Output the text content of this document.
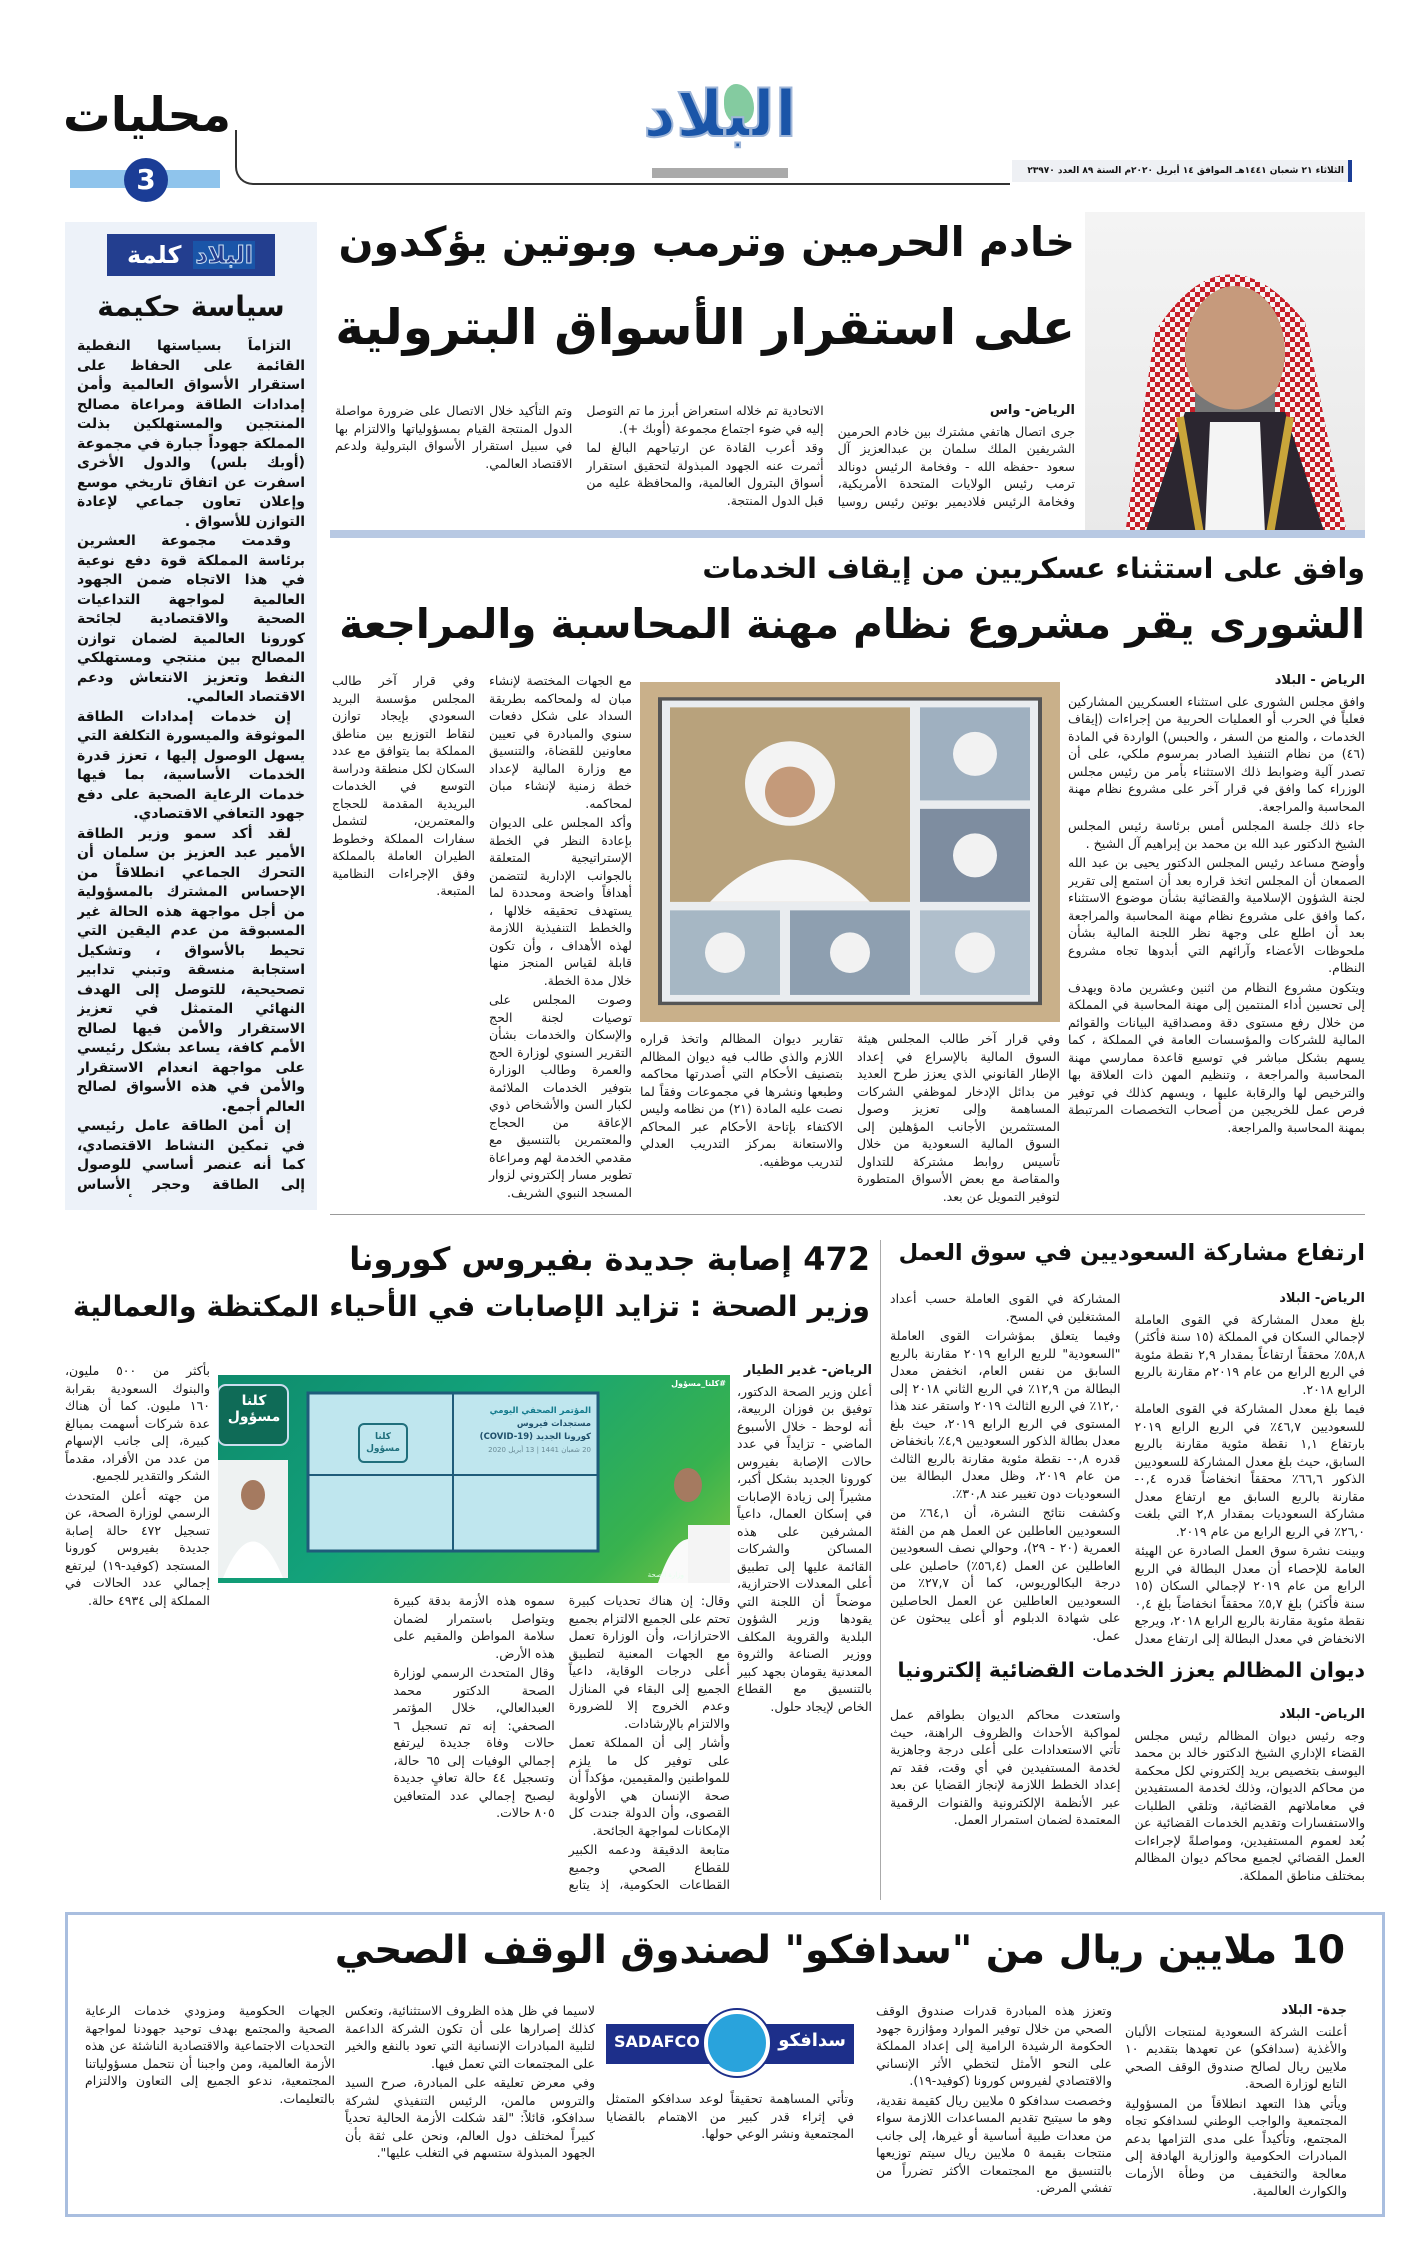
محليات
3
البلاد
الثلاثاء ٢١ شعبان ١٤٤١هـ الموافق ١٤ أبريل ٢٠٢٠م السنة ٨٩ العدد ٢٣٩٧٠
البلاد
كلمة
سياسة حكيمة

التزاماً بسياستها النفطية القائمة على الحفاظ على استقرار الأسواق العالمية وأمن إمدادات الطاقة ومراعاة مصالح المنتجين والمستهلكين بذلت المملكة جهوداً جبارة في مجموعة (أوبك بلس) والدول الأخرى اسفرت عن اتفاق تاريخي موسع وإعلان تعاون جماعي لإعادة التوازن للأسواق .

وقدمت مجموعة العشرين برئاسة المملكة قوة دفع نوعية في هذا الاتجاه ضمن الجهود العالمية لمواجهة التداعيات الصحية والاقتصادية لجائحة كورونا العالمية لضمان توازن المصالح بين منتجي ومستهلكي النفط وتعزيز الانتعاش ودعم الاقتصاد العالمي.

إن خدمات إمدادات الطاقة الموثوقة والميسورة التكلفة التي يسهل الوصول إليها ، تعزز قدرة الخدمات الأساسية، بما فيها خدمات الرعاية الصحية على دفع جهود التعافي الاقتصادي.

لقد أكد سمو وزير الطاقة الأمير عبد العزيز بن سلمان أن التحرك الجماعي انطلاقاً من الإحساس المشترك بالمسؤولية من أجل مواجهة هذه الحالة غير المسبوقة من عدم اليقين التي تحيط بالأسواق ، وتشكيل استجابة منسقة وتبني تدابير تصحيحية، للتوصل إلى الهدف النهائي المتمثل في تعزيز الاستقرار والأمن فيها لصالح الأمم كافة، يساعد بشكل رئيسي على مواجهة انعدام الاستقرار والأمن في هذه الأسواق لصالح العالم أجمع.

إن أمن الطاقة عامل رئيسي في تمكين النشاط الاقتصادي، كما أنه عنصر أساسي للوصول إلى الطاقة وحجر الأساس

خادم الحرمين وترمب وبوتين يؤكدون
على استقرار الأسواق البترولية
الرياض- واس

جرى اتصال هاتفي مشترك بين خادم الحرمين الشريفين الملك سلمان بن عبدالعزيز آل سعود -حفظه الله - وفخامة الرئيس دونالد ترمب رئيس الولايات المتحدة الأمريكية، وفخامة الرئيس فلاديمير بوتين رئيس روسيا الاتحادية تم خلاله استعراض أبرز ما تم التوصل إليه في ضوء اجتماع مجموعة (أوبك +).

وقد أعرب القادة عن ارتياحهم البالغ لما أثمرت عنه الجهود المبذولة لتحقيق استقرار أسواق البترول العالمية، والمحافظة عليه من قبل الدول المنتجة.

وتم التأكيد خلال الاتصال على ضرورة مواصلة الدول المنتجة القيام بمسؤولياتها والالتزام بها في سبيل استقرار الأسواق البترولية ولدعم الاقتصاد العالمي.

وافق على استثناء عسكريين من إيقاف الخدمات
الشورى يقر مشروع نظام مهنة المحاسبة والمراجعة
الرياض - البلاد

وافق مجلس الشورى على استثناء العسكريين المشاركين فعلياً في الحرب أو العمليات الحربية من إجراءات (إيقاف الخدمات ، والمنع من السفر ، والحبس) الواردة في المادة (٤٦) من نظام التنفيذ الصادر بمرسوم ملكي، على أن تصدر آلية وضوابط ذلك الاستثناء بأمر من رئيس مجلس الوزراء كما وافق في قرار آخر على مشروع نظام مهنة المحاسبة والمراجعة.

جاء ذلك جلسة المجلس أمس برئاسة رئيس المجلس الشيخ الدكتور عبد الله بن محمد بن إبراهيم آل الشيخ .

وأوضح مساعد رئيس المجلس الدكتور يحيى بن عبد الله الصمعان أن المجلس اتخذ قراره بعد أن استمع إلى تقرير لجنة الشؤون الإسلامية والقضائية بشأن موضوع الاستثناء ،كما وافق على مشروع نظام مهنة المحاسبة والمراجعة بعد أن اطلع على وجهة نظر اللجنة المالية بشأن ملحوظات الأعضاء وآرائهم التي أبدوها تجاه مشروع النظام.

ويتكون مشروع النظام من اثنين وعشرين مادة ويهدف إلى تحسين أداء المنتمين إلى مهنة المحاسبة في المملكة من خلال رفع مستوى دقة ومصداقية البيانات والقوائم المالية للشركات والمؤسسات العامة في المملكة ، كما يسهم بشكل مباشر في توسيع قاعدة ممارسي مهنة المحاسبة والمراجعة ، وتنظيم المهن ذات العلاقة بها والترخيص لها والرقابة عليها ، ويسهم كذلك في توفير فرص عمل للخريجين من أصحاب التخصصات المرتبطة بمهنة المحاسبة والمراجعة.

وفي قرار آخر طالب المجلس هيئة السوق المالية بالإسراع في إعداد الإطار القانوني الذي يعزز طرح العديد من بدائل الإدخار لموظفي الشركات المساهمة وإلى تعزيز وصول المستثمرين الأجانب المؤهلين إلى السوق المالية السعودية من خلال تأسيس روابط مشتركة للتداول والمقاصة مع بعض الأسواق المتطورة لتوفير التمويل عن بعد.

تقارير ديوان المظالم واتخذ قراره اللازم والذي طالب فيه ديوان المظالم بتصنيف الأحكام التي أصدرتها محاكمه وطبعها ونشرها في مجموعات وفقاً لما نصت عليه المادة (٢١) من نظامه وليس الاكتفاء بإتاحة الأحكام عبر المحاكم والاستعانة بمركز التدريب العدلي لتدريب موظفيه.

مع الجهات المختصة لإنشاء مبان له ولمحاكمه بطريقة السداد على شكل دفعات سنوي والمبادرة في تعيين معاونين للقضاة، والتنسيق مع وزارة المالية لإعداد خطة زمنية لإنشاء مبان لمحاكمه.

وأكد المجلس على الديوان بإعادة النظر في الخطة الإستراتيجية المتعلقة بالجوانب الإدارية لتتضمن أهدافاً واضحة ومحددة لما يستهدف تحقيقه خلالها ، والخطط التنفيذية اللازمة لهذه الأهداف ، وأن تكون قابلة لقياس المنجز منها خلال مدة الخطة.

وصوت المجلس على توصيات لجنة الحج والإسكان والخدمات بشأن التقرير السنوي لوزارة الحج والعمرة وطالب الوزارة بتوفير الخدمات الملائمة لكبار السن والأشخاص ذوي الإعاقة من الحجاج والمعتمرين بالتنسيق مع مقدمي الخدمة لهم ومراعاة تطوير مسار إلكتروني لزوار المسجد النبوي الشريف.

وفي قرار آخر طالب المجلس مؤسسة البريد السعودي بإيجاد توازن لنقاط التوزيع بين مناطق المملكة بما يتوافق مع عدد السكان لكل منطقة ودراسة التوسع في الخدمات البريدية المقدمة للحجاج والمعتمرين، لتشمل سفارات المملكة وخطوط الطيران العاملة بالمملكة وفق الإجراءات النظامية المتبعة.

472 إصابة جديدة بفيروس كورونا
وزير الصحة : تزايد الإصابات في الأحياء المكتظة والعمالية
الرياض- غدير الطيار

أعلن وزير الصحة الدكتور، توفيق بن فوزان الربيعة، أنه لوحظ - خلال الأسبوع الماضي - تزايداً في عدد حالات الإصابة بفيروس كورونا الجديد بشكل أكبر، مشيراً إلى زيادة الإصابات في إسكان العمال، داعياً المشرفين على هذه المساكن والشركات القائمة عليها إلى تطبيق أعلى المعدلات الاحترازية، موضحاً أن اللجنة التي يقودها وزير الشؤون البلدية والقروية المكلف ووزير الصناعة والثروة المعدنية يقومان بجهد كبير بالتنسيق مع القطاع الخاص لإيجاد حلول.

كلنا
مسؤول	المؤتمر الصحفي اليومي
مستجدات فيروس
كورونا الجديد (COVID-19)
20 شعبان 1441 | 13 أبريل 2020
كلنا
مسؤول
#كلنا_مسؤول
وزارة الصحة

وقال: إن هناك تحديات كبيرة تحتم على الجميع الالتزام بجميع الاحترازات، وأن الوزارة تعمل مع الجهات المعنية لتطبيق أعلى درجات الوقاية، داعياً الجميع إلى البقاء في المنازل وعدم الخروج إلا للضرورة والالتزام بالإرشادات.

وأشار إلى أن المملكة تعمل على توفير كل ما يلزم للمواطنين والمقيمين، مؤكداً أن صحة الإنسان هي الأولوية القصوى، وأن الدولة جندت كل الإمكانات لمواجهة الجائحة.

متابعة الدقيقة ودعمه الكبير للقطاع الصحي وجميع القطاعات الحكومية، إذ يتابع سموه هذه الأزمة بدقة كبيرة ويتواصل باستمرار لضمان سلامة المواطن والمقيم على هذه الأرض.

وقال المتحدث الرسمي لوزارة الصحة الدكتور محمد العبدالعالي، خلال المؤتمر الصحفي: إنه تم تسجيل ٦ حالات وفاة جديدة ليرتفع إجمالي الوفيات إلى ٦٥ حالة، وتسجيل ٤٤ حالة تعافٍ جديدة ليصبح إجمالي عدد المتعافين ٨٠٥ حالات.

بأكثر من ٥٠٠ مليون، والبنوك السعودية بقرابة ١٦٠ مليون. كما أن هناك عدة شركات أسهمت بمبالغ كبيرة، إلى جانب الإسهام من عدد من الأفراد، مقدماً الشكر والتقدير للجميع.

من جهته أعلن المتحدث الرسمي لوزارة الصحة، عن تسجيل ٤٧٢ حالة إصابة جديدة بفيروس كورونا المستجد (كوفيد-١٩) ليرتفع إجمالي عدد الحالات في المملكة إلى ٤٩٣٤ حالة.

ارتفاع مشاركة السعوديين في سوق العمل
الرياض- البلاد

بلغ معدل المشاركة في القوى العاملة لإجمالي السكان في المملكة (١٥ سنة فأكثر) ٥٨,٨٪ محققاً ارتفاعاً بمقدار ٢,٩ نقطة مئوية في الربع الرابع من عام ٢٠١٩م مقارنة بالربع الرابع ٢٠١٨.

فيما بلغ معدل المشاركة في القوى العاملة للسعوديين ٤٦,٧٪ في الربع الرابع ٢٠١٩ بارتفاع ١,١ نقطة مئوية مقارنة بالربع السابق، حيث بلغ معدل المشاركة للسعوديين الذكور ٦٦,٦٪ محققاً انخفاضاً قدره ٠,٤- مقارنة بالربع السابق مع ارتفاع معدل مشاركة السعوديات بمقدار ٢,٨ التي بلغت ٢٦,٠٪ في الربع الرابع من عام ٢٠١٩.

وبينت نشرة سوق العمل الصادرة عن الهيئة العامة للإحصاء أن معدل البطالة في الربع الرابع من عام ٢٠١٩ لإجمالي السكان (١٥ سنة فأكثر) بلغ ٥,٧٪ محققاً انخفاضاً بلغ ٠,٤ نقطة مئوية مقارنة بالربع الرابع ٢٠١٨، ويرجع الانخفاض في معدل البطالة إلى ارتفاع معدل المشاركة في القوى العاملة حسب أعداد المشتغلين في المسح.

وفيما يتعلق بمؤشرات القوى العاملة "السعودية" للربع الرابع ٢٠١٩ مقارنة بالربع السابق من نفس العام، انخفض معدل البطالة من ١٢,٩٪ في الربع الثاني ٢٠١٨ إلى ١٢,٠٪ في الربع الثالث ٢٠١٩ واستقر عند هذا المستوى في الربع الرابع ٢٠١٩، حيث بلغ معدل بطالة الذكور السعوديين ٤,٩٪ بانخفاض قدره ٠,٨- نقطة مئوية مقارنة بالربع الثالث من عام ٢٠١٩، وظل معدل البطالة بين السعوديات دون تغيير عند ٣٠,٨٪.

وكشفت نتائج النشرة، أن ٦٤,١٪ من السعوديين العاطلين عن العمل هم من الفئة العمرية (٢٠ - ٢٩)، وحوالي نصف السعوديين العاطلين عن العمل (٥٦,٤٪) حاصلين على درجة البكالوريوس، كما أن ٢٧,٧٪ من السعوديين العاطلين عن العمل الحاصلين على شهادة الدبلوم أو أعلى يبحثون عن عمل.

ديوان المظالم يعزز الخدمات القضائية إلكترونيا
الرياض- البلاد

وجه رئيس ديوان المظالم رئيس مجلس القضاء الإداري الشيخ الدكتور خالد بن محمد اليوسف بتخصيص بريد إلكتروني لكل محكمة من محاكم الديوان، وذلك لخدمة المستفيدين في معاملاتهم القضائية، وتلقي الطلبات والاستفسارات وتقديم الخدمات القضائية عن بُعد لعموم المستفيدين، ومواصلةً لإجراءات العمل القضائي لجميع محاكم ديوان المظالم بمختلف مناطق المملكة.

واستعدت محاكم الديوان بطواقم عمل لمواكبة الأحداث والظروف الراهنة، حيث تأتي الاستعدادات على أعلى درجة وجاهزية لخدمة المستفيدين في أي وقت، فقد تم إعداد الخطط اللازمة لإنجاز القضايا عن بعد عبر الأنظمة الإلكترونية والقنوات الرقمية المعتمدة لضمان استمرار العمل.

10 ملايين ريال من "سدافكو" لصندوق الوقف الصحي
جدة- البلاد

أعلنت الشركة السعودية لمنتجات الألبان والأغذية (سدافكو) عن تعهدها بتقديم ١٠ ملايين ريال لصالح صندوق الوقف الصحي التابع لوزارة الصحة.

ويأتي هذا التعهد انطلاقاً من المسؤولية المجتمعية والواجب الوطني لسدافكو تجاه المجتمع، وتأكيداً على مدى التزامها بدعم المبادرات الحكومية والوزارية الهادفة إلى معالجة والتخفيف من وطأة الأزمات والكوارث العالمية.

وتعزز هذه المبادرة قدرات صندوق الوقف الصحي من خلال توفير الموارد ومؤازرة جهود الحكومة الرشيدة الرامية إلى إعداد المملكة على النحو الأمثل لتخطي الأثر الإنساني والاقتصادي لفيروس كورونا (كوفيد-١٩).

وخصصت سدافكو ٥ ملايين ريال كقيمة نقدية، وهو ما سيتيح تقديم المساعدات اللازمة سواء من معدات طبية أساسية أو غيرها، إلى جانب منتجات بقيمة ٥ ملايين ريال سيتم توزيعها بالتنسيق مع المجتمعات الأكثر تضرراً من تفشي المرض.

SADAFCO	سدافكو

وتأتي المساهمة تحقيقاً لوعد سدافكو المتمثل في إثراء قدر كبير من الاهتمام بالقضايا المجتمعية ونشر الوعي حولها.

لاسيما في ظل هذه الظروف الاستثنائية، وتعكس كذلك إصرارها على أن تكون الشركة الداعمة لتلبية المبادرات الإنسانية التي تعود بالنفع والخير على المجتمعات التي تعمل فيها.

وفي معرض تعليقه على المبادرة، صرح السيد والتروس مالمن، الرئيس التنفيذي لشركة سدافكو، قائلاً: "لقد شكلت الأزمة الحالية تحدياً كبيراً لمختلف دول العالم، ونحن على ثقة بأن الجهود المبذولة ستسهم في التغلب عليها".

الجهات الحكومية ومزودي خدمات الرعاية الصحية والمجتمع بهدف توحيد جهودنا لمواجهة التحديات الاجتماعية والاقتصادية الناشئة عن هذه الأزمة العالمية، ومن واجبنا أن نتحمل مسؤولياتنا المجتمعية، ندعو الجميع إلى التعاون والالتزام بالتعليمات.
